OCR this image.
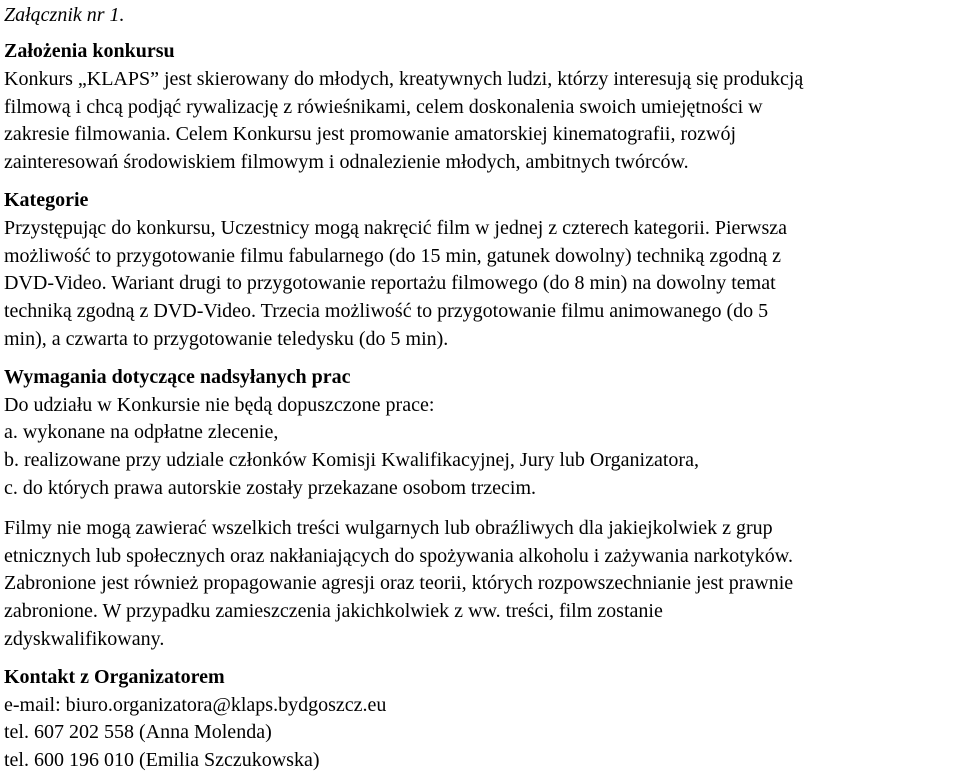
Załącznik nr 1.

Założenia konkursu

Konkurs „KLAPS” jest skierowany do młodych, kreatywnych ludzi, którzy interesują się produkcją

filmową i chcą podjąć rywalizację z rówieśnikami, celem doskonalenia swoich umiejętności w

zakresie filmowania. Celem Konkursu jest promowanie amatorskiej kinematografii, rozwój

zainteresowań środowiskiem filmowym i odnalezienie młodych, ambitnych twórców.

Kategorie

Przystępując do konkursu, Uczestnicy mogą nakręcić film w jednej z czterech kategorii. Pierwsza

możliwość to przygotowanie filmu fabularnego (do 15 min, gatunek dowolny) techniką zgodną z

DVD-Video. Wariant drugi to przygotowanie reportażu filmowego (do 8 min) na dowolny temat

techniką zgodną z DVD-Video. Trzecia możliwość to przygotowanie filmu animowanego (do 5

min), a czwarta to przygotowanie teledysku (do 5 min).

Wymagania dotyczące nadsyłanych prac

Do udziału w Konkursie nie będą dopuszczone prace:

a. wykonane na odpłatne zlecenie,

b. realizowane przy udziale członków Komisji Kwalifikacyjnej, Jury lub Organizatora,

c. do których prawa autorskie zostały przekazane osobom trzecim.

Filmy nie mogą zawierać wszelkich treści wulgarnych lub obraźliwych dla jakiejkolwiek z grup

etnicznych lub społecznych oraz nakłaniających do spożywania alkoholu i zażywania narkotyków.

Zabronione jest również propagowanie agresji oraz teorii, których rozpowszechnianie jest prawnie

zabronione. W przypadku zamieszczenia jakichkolwiek z ww. treści, film zostanie

zdyskwalifikowany.

Kontakt z Organizatorem

e-mail: biuro.organizatora@klaps.bydgoszcz.eu

tel. 607 202 558 (Anna Molenda)

tel. 600 196 010 (Emilia Szczukowska)
